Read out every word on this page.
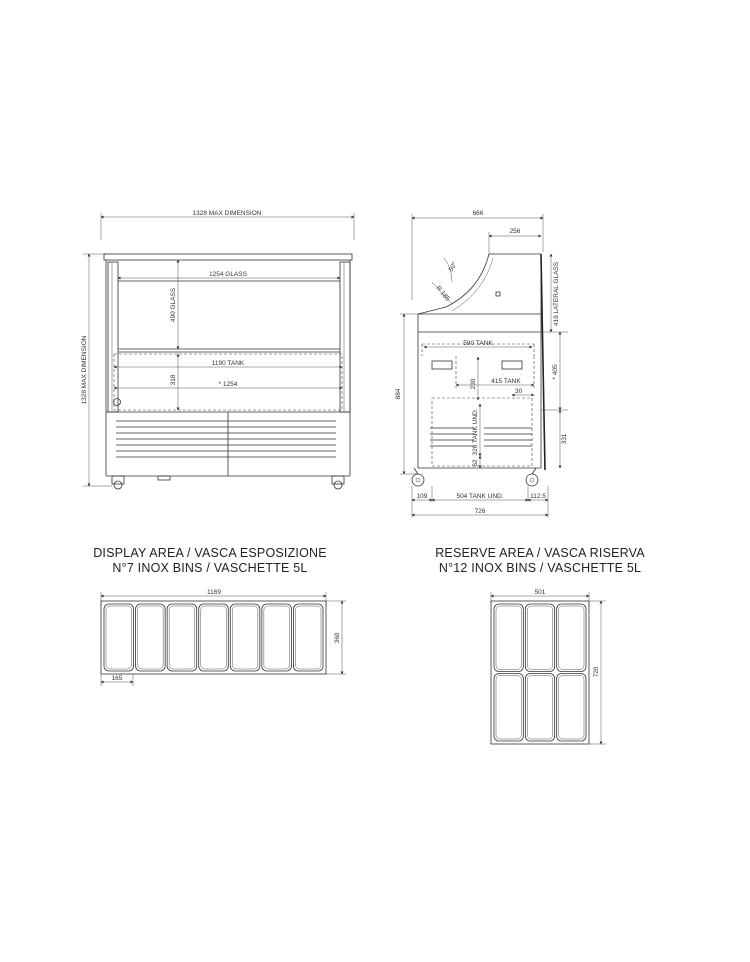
1328 MAX DIMENSION
1328 MAX DIMENSION
1254 GLASS
490 GLASS
1190 TANK
318	* 1254
666
256
50°
R 185	419 LATERAL GLASS
590 TANK
415 TANK
230
30
* 405
331
884
326 TANK UND.
62
109	504 TANK UND.	112.5
726
1169
360
165
501
720
DISPLAY AREA / VASCA ESPOSIZIONE
N°7 INOX BINS / VASCHETTE 5L
RESERVE AREA / VASCA RISERVA
N°12 INOX BINS / VASCHETTE 5L
